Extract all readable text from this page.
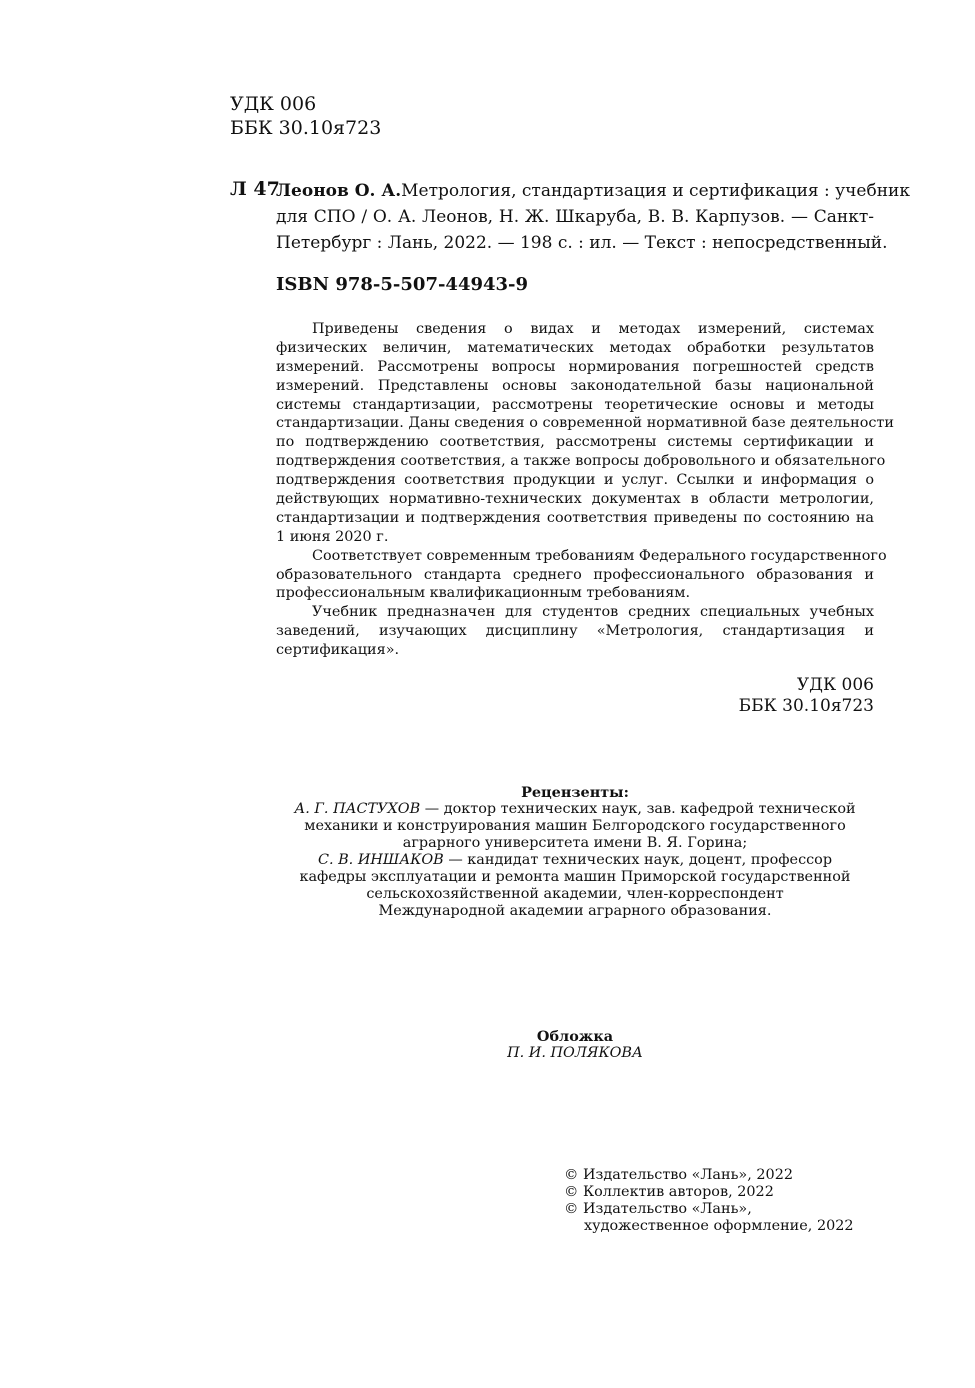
УДК 006
ББК 30.10я723
Л 47
Леонов О. А.Метрология, стандартизация и сертификация : учебник
для СПО / О. А. Леонов, Н. Ж. Шкаруба, В. В. Карпузов. — Санкт-
Петербург : Лань, 2022. — 198 с. : ил. — Текст : непосредственный.
ISBN 978-5-507-44943-9

Приведены сведения о видах и методах измерений, системах
физических величин, математических методах обработки результатов
измерений. Рассмотрены вопросы нормирования погрешностей средств
измерений. Представлены основы законодательной базы национальной
системы стандартизации, рассмотрены теоретические основы и методы
стандартизации. Даны сведения о современной нормативной базе деятельности
по подтверждению соответствия, рассмотрены системы сертификации и
подтверждения соответствия, а также вопросы добровольного и обязательного
подтверждения соответствия продукции и услуг. Ссылки и информация о
действующих нормативно-технических документах в области метрологии,
стандартизации и подтверждения соответствия приведены по состоянию на
1 июня 2020 г.

Соответствует современным требованиям Федерального государственного
образовательного стандарта среднего профессионального образования и
профессиональным квалификационным требованиям.

Учебник предназначен для студентов средних специальных учебных
заведений, изучающих дисциплину «Метрология, стандартизация и
сертификация».

УДК 006
ББК 30.10я723
Рецензенты:
А. Г. ПАСТУХОВ — доктор технических наук, зав. кафедрой технической
механики и конструирования машин Белгородского государственного
аграрного университета имени В. Я. Горина;
С. В. ИНШАКОВ — кандидат технических наук, доцент, профессор
кафедры эксплуатации и ремонта машин Приморской государственной
сельскохозяйственной академии, член-корреспондент
Международной академии аграрного образования.
Обложка
П. И. ПОЛЯКОВА
© Издательство «Лань», 2022
© Коллектив авторов, 2022
© Издательство «Лань»,
художественное оформление, 2022
